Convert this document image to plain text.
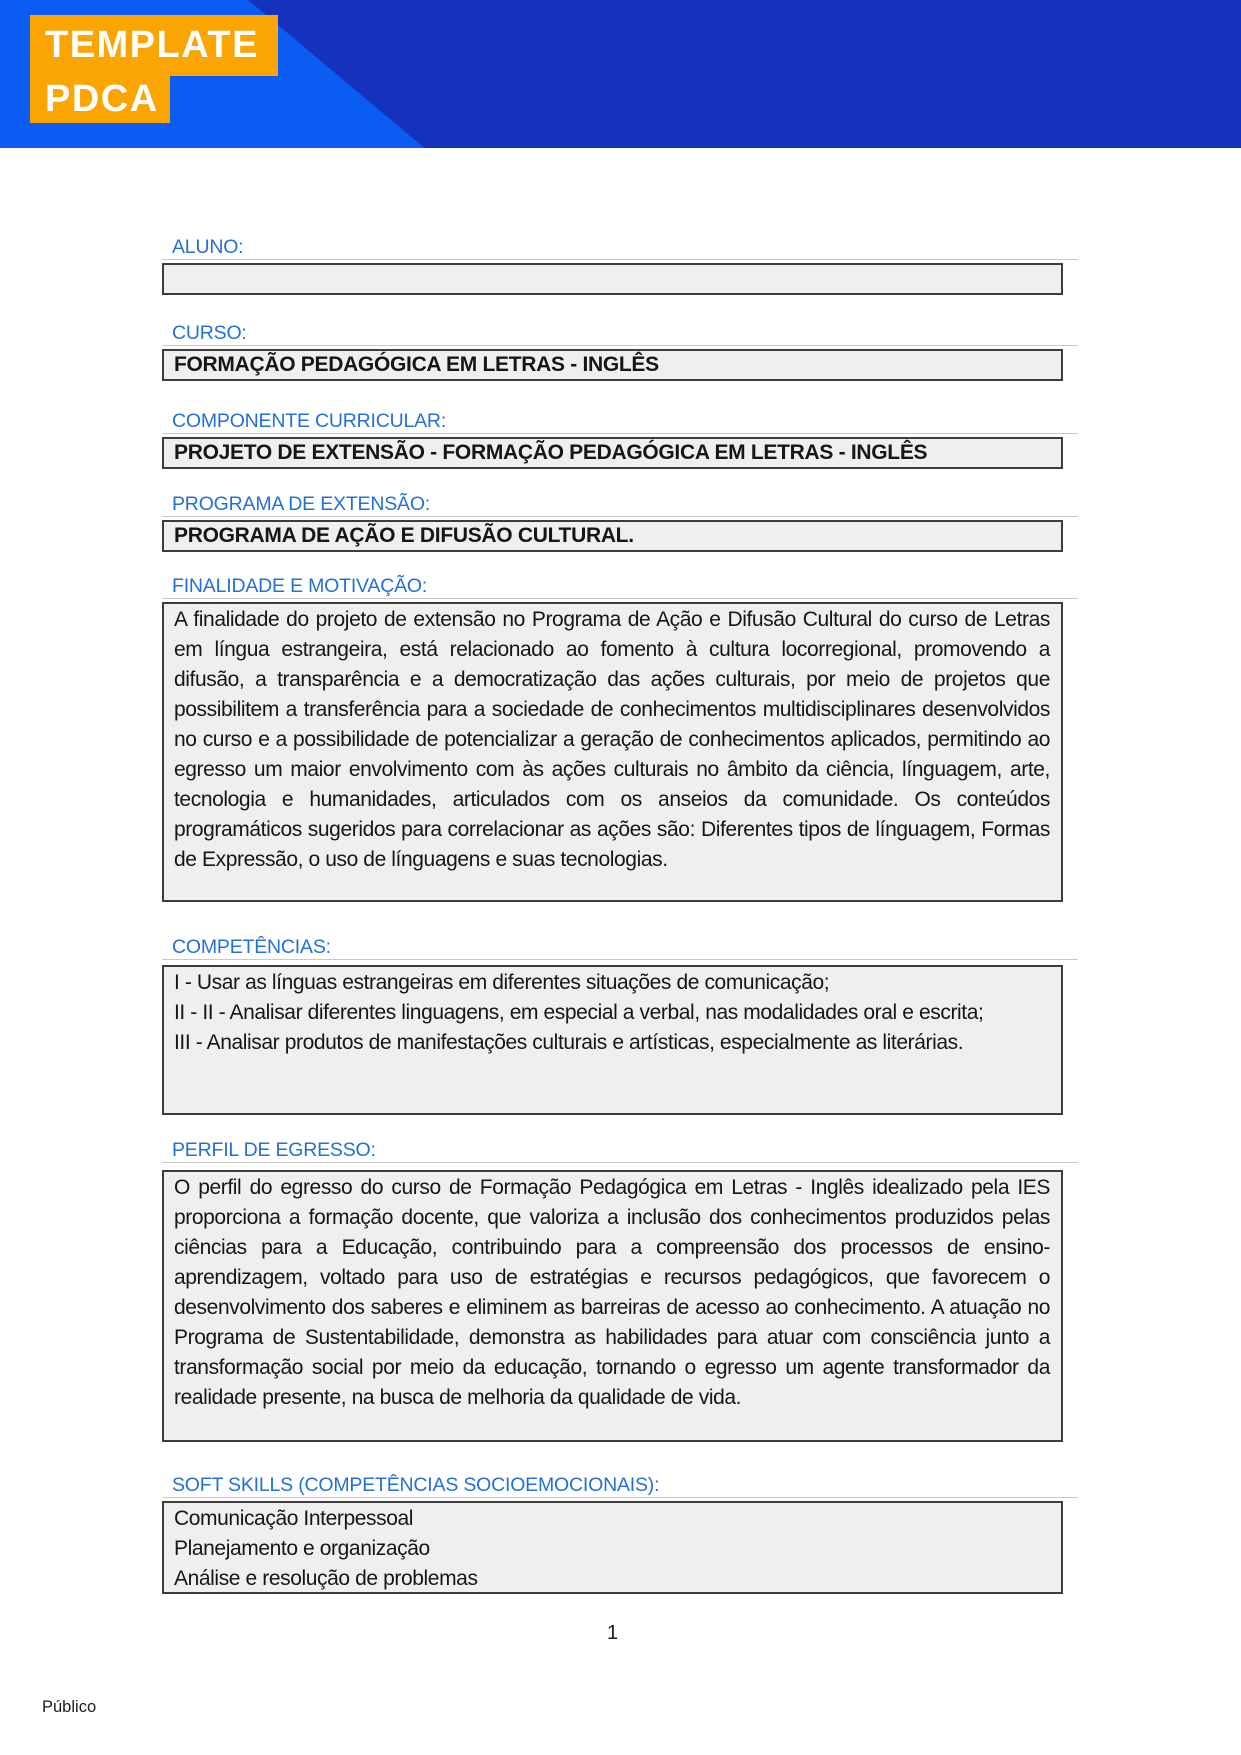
TEMPLATE
PDCA
ALUNO:
CURSO:
FORMAÇÃO PEDAGÓGICA EM LETRAS - INGLÊS
COMPONENTE CURRICULAR:
PROJETO DE EXTENSÃO - FORMAÇÃO PEDAGÓGICA EM LETRAS - INGLÊS
PROGRAMA DE EXTENSÃO:
PROGRAMA DE AÇÃO E DIFUSÃO CULTURAL.
FINALIDADE E MOTIVAÇÃO:

A finalidade do projeto de extensão no Programa de Ação e Difusão Cultural do curso de Letras em língua estrangeira, está relacionado ao fomento à cultura locorregional, promovendo a difusão, a transparência e a democratização das ações culturais, por meio de projetos que possibilitem a transferência para a sociedade de conhecimentos multidisciplinares desenvolvidos no curso e a possibilidade de potencializar a geração de conhecimentos aplicados, permitindo ao egresso um maior envolvimento com às ações culturais no âmbito da ciência, línguagem, arte, tecnologia e humanidades, articulados com os anseios da comunidade. Os conteúdos programáticos sugeridos para correlacionar as ações são: Diferentes tipos de línguagem, Formas de Expressão, o uso de línguagens e suas tecnologias.

COMPETÊNCIAS:
I - Usar as línguas estrangeiras em diferentes situações de comunicação;
II - II - Analisar diferentes linguagens, em especial a verbal, nas modalidades oral e escrita;
III - Analisar produtos de manifestações culturais e artísticas, especialmente as literárias.
PERFIL DE EGRESSO:

O perfil do egresso do curso de Formação Pedagógica em Letras - Inglês idealizado pela IES proporciona a formação docente, que valoriza a inclusão dos conhecimentos produzidos pelas ciências para a Educação, contribuindo para a compreensão dos processos de ensino-aprendizagem, voltado para uso de estratégias e recursos pedagógicos, que favorecem o desenvolvimento dos saberes e eliminem as barreiras de acesso ao conhecimento. A atuação no Programa de Sustentabilidade, demonstra as habilidades para atuar com consciência junto a transformação social por meio da educação, tornando o egresso um agente transformador da realidade presente, na busca de melhoria da qualidade de vida.

SOFT SKILLS (COMPETÊNCIAS SOCIOEMOCIONAIS):
Comunicação Interpessoal
Planejamento e organização
Análise e resolução de problemas
1
Público
